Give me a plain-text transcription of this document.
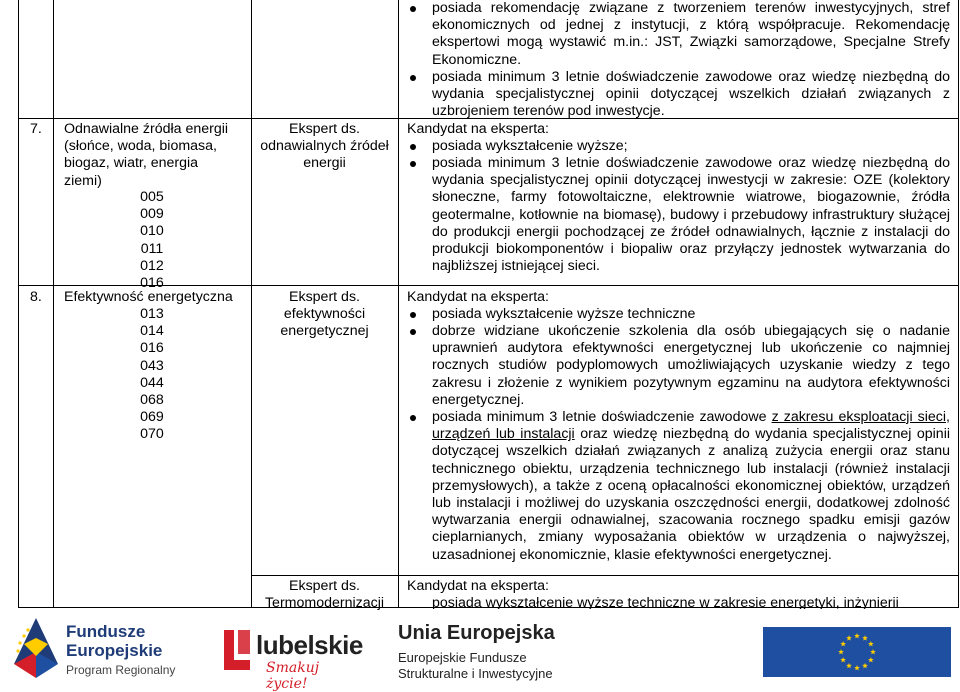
7. Odnawialne źródła energii
(słońce, woda, biomasa,
biogaz, wiatr, energia
ziemi)
005
009
010
011
012
016
Ekspert ds.
odnawialnych źródeł
energii
8. Efektywność energetyczna
013
014
016
043
044
068
069
070
Ekspert ds.
efektywności
energetycznej
Ekspert ds.
Termomodernizacji
posiada rekomendację związane z tworzeniem terenów inwestycyjnych, stref ekonomicznych od jednej z instytucji, z którą współpracuje. Rekomendację ekspertowi mogą wystawić m.in.: JST, Związki samorządowe, Specjalne Strefy Ekonomiczne.
posiada minimum 3 letnie doświadczenie zawodowe oraz wiedzę niezbędną do wydania specjalistycznej opinii dotyczącej wszelkich działań związanych z uzbrojeniem terenów pod inwestycje.
Kandydat na eksperta:
posiada wykształcenie wyższe;
posiada minimum 3 letnie doświadczenie zawodowe oraz wiedzę niezbędną do wydania specjalistycznej opinii dotyczącej inwestycji w zakresie: OZE (kolektory słoneczne, farmy fotowoltaiczne, elektrownie wiatrowe, biogazownie, źródła geotermalne, kotłownie na biomasę), budowy i przebudowy infrastruktury służącej do produkcji energii pochodzącej ze źródeł odnawialnych, łącznie z instalacji do produkcji biokomponentów i biopaliw oraz przyłączy jednostek wytwarzania do najbliższej istniejącej sieci.
Kandydat na eksperta:
posiada wykształcenie wyższe techniczne
dobrze widziane ukończenie szkolenia dla osób ubiegających się o nadanie uprawnień audytora efektywności energetycznej lub ukończenie co najmniej rocznych studiów podyplomowych umożliwiających uzyskanie wiedzy z tego zakresu i złożenie z wynikiem pozytywnym egzaminu na audytora efektywności energetycznej.
posiada minimum 3 letnie doświadczenie zawodowe z zakresu eksploatacji sieci, urządzeń lub instalacji oraz wiedzę niezbędną do wydania specjalistycznej opinii dotyczącej wszelkich działań związanych z analizą zużycia energii oraz stanu technicznego obiektu, urządzenia technicznego lub instalacji (również instalacji przemysłowych), a także z oceną opłacalności ekonomicznej obiektów, urządzeń lub instalacji i możliwej do uzyskania oszczędności energii, dodatkowej zdolność wytwarzania energii odnawialnej, szacowania rocznego spadku emisji gazów cieplarnianych, zmiany wyposażania obiektów w urządzenia o najwyższej, uzasadnionej ekonomicznie, klasie efektywności energetycznej.
Kandydat na eksperta:
posiada wykształcenie wyższe techniczne w zakresie energetyki, inżynierii
Fundusze
Europejskie
Program Regionalny
lubelskie
Smakuj życie!
Unia Europejska
Europejskie Fundusze
Strukturalne i Inwestycyjne
